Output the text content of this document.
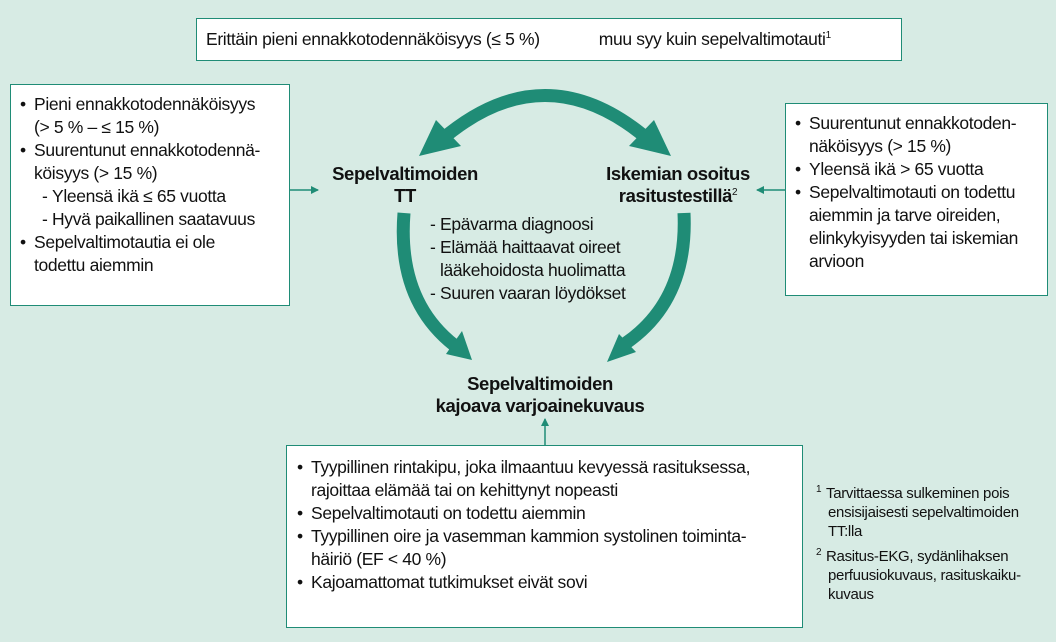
Erittäin pieni ennakkotodennäköisyys (≤ 5 %)	muu syy kuin sepelvaltimotauti$^1$
• Pieni ennakkotodennäköisyys
(> 5 % – ≤ 15 %)
• Suurentunut ennakkotodennä-
köisyys (> 15 %)
- Yleensä ikä ≤ 65 vuotta
- Hyvä paikallinen saatavuus
• Sepelvaltimotautia ei ole
todettu aiemmin
• Suurentunut ennakkotoden-
näköisyys (> 15 %)
• Yleensä ikä > 65 vuotta
• Sepelvaltimotauti on todettu
aiemmin ja tarve oireiden,
elinkykyisyyden tai iskemian
arvioon
• Tyypillinen rintakipu, joka ilmaantuu kevyessä rasituksessa,
rajoittaa elämää tai on kehittynyt nopeasti
• Sepelvaltimotauti on todettu aiemmin
• Tyypillinen oire ja vasemman kammion systolinen toiminta-
häiriö (EF < 40 %)
• Kajoamattomat tutkimukset eivät sovi
- Epävarma diagnoosi
- Elämää haittaavat oireet
lääkehoidosta huolimatta
- Suuren vaaran löydökset
Sepelvaltimoiden
TT
Iskemian osoitus
rasitustestillä$^2$
Sepelvaltimoiden
kajoava varjoainekuvaus
1 Tarvittaessa sulkeminen pois
ensisijaisesti sepelvaltimoiden
TT:lla
2 Rasitus-EKG, sydänlihaksen
perfuusiokuvaus, rasituskaiku-
kuvaus
